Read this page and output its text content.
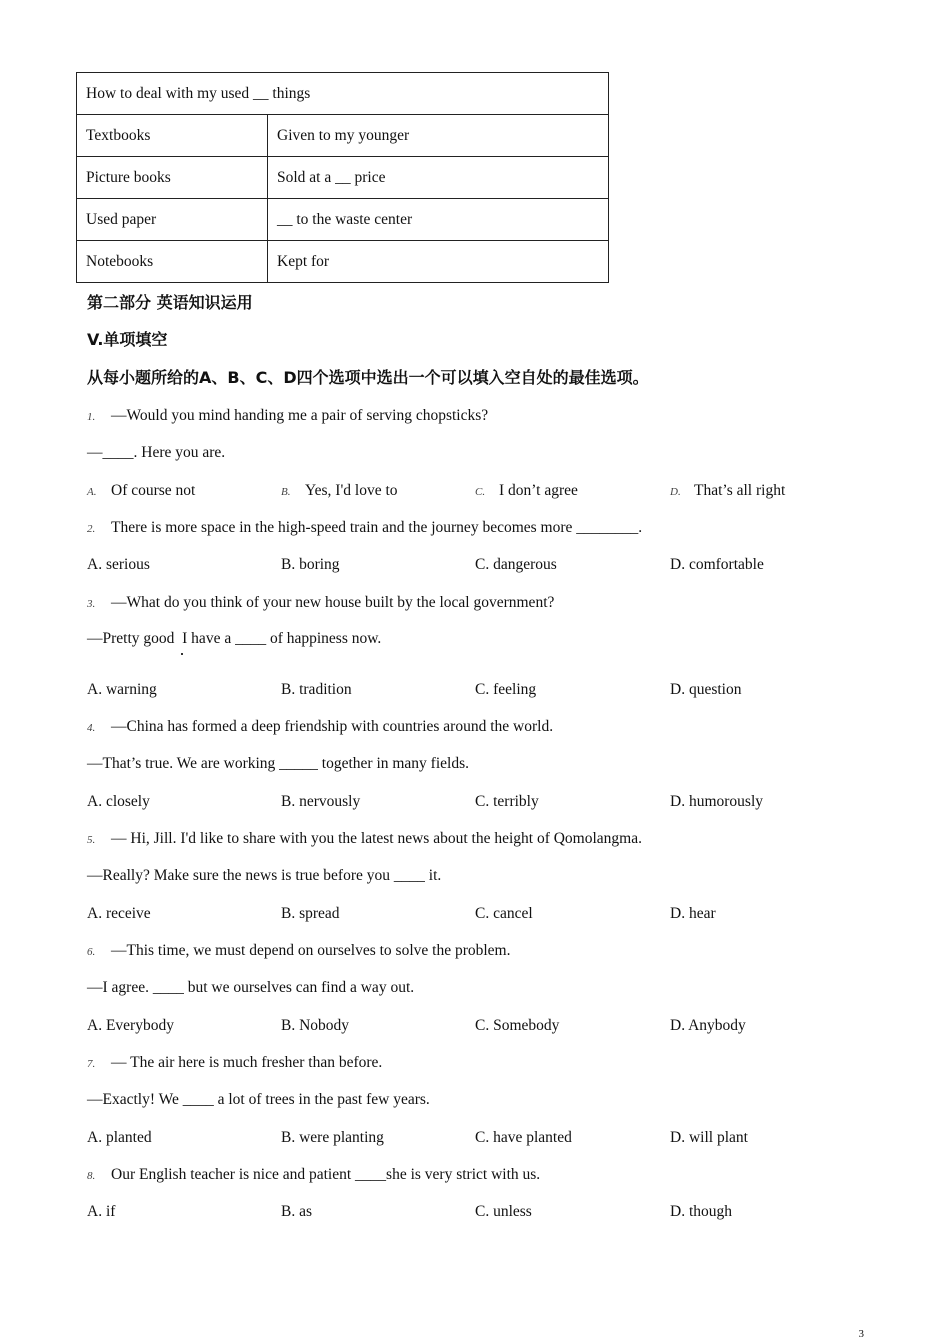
How to deal with my used __ things	
Textbooks	Given to my younger
Picture books	Sold at a __ price
Used paper	__ to the waste center
Notebooks	Kept for
第二部分 英语知识运用
V.单项填空
从每小题所给的A、B、C、D四个选项中选出一个可以填入空自处的最佳选项。
1. —Would you mind handing me a pair of serving chopsticks?
—____. Here you are.
A. Of course not	B. Yes, I'd love to	C. I don’t agree	D. That’s all right
2. There is more space in the high-speed train and the journey becomes more ________.
A. serious	B. boring	C. dangerous	D. comfortable
3. —What do you think of your new house built by the local government?
—Pretty good  I have a ____ of happiness now.
A. warning	B. tradition	C. feeling	D. question
4. —China has formed a deep friendship with countries around the world.
—That’s true. We are working _____ together in many fields.
A. closely	B. nervously	C. terribly	D. humorously
5. — Hi, Jill. I'd like to share with you the latest news about the height of Qomolangma.
—Really? Make sure the news is true before you ____ it.
A. receive	B. spread	C. cancel	D. hear
6. —This time, we must depend on ourselves to solve the problem.
—I agree. ____ but we ourselves can find a way out.
A. Everybody	B. Nobody	C. Somebody	D. Anybody
7. — The air here is much fresher than before.
—Exactly! We ____ a lot of trees in the past few years.
A. planted	B. were planting	C. have planted	D. will plant
8. Our English teacher is nice and patient ____she is very strict with us.
A. if	B. as	C. unless	D. though
3
